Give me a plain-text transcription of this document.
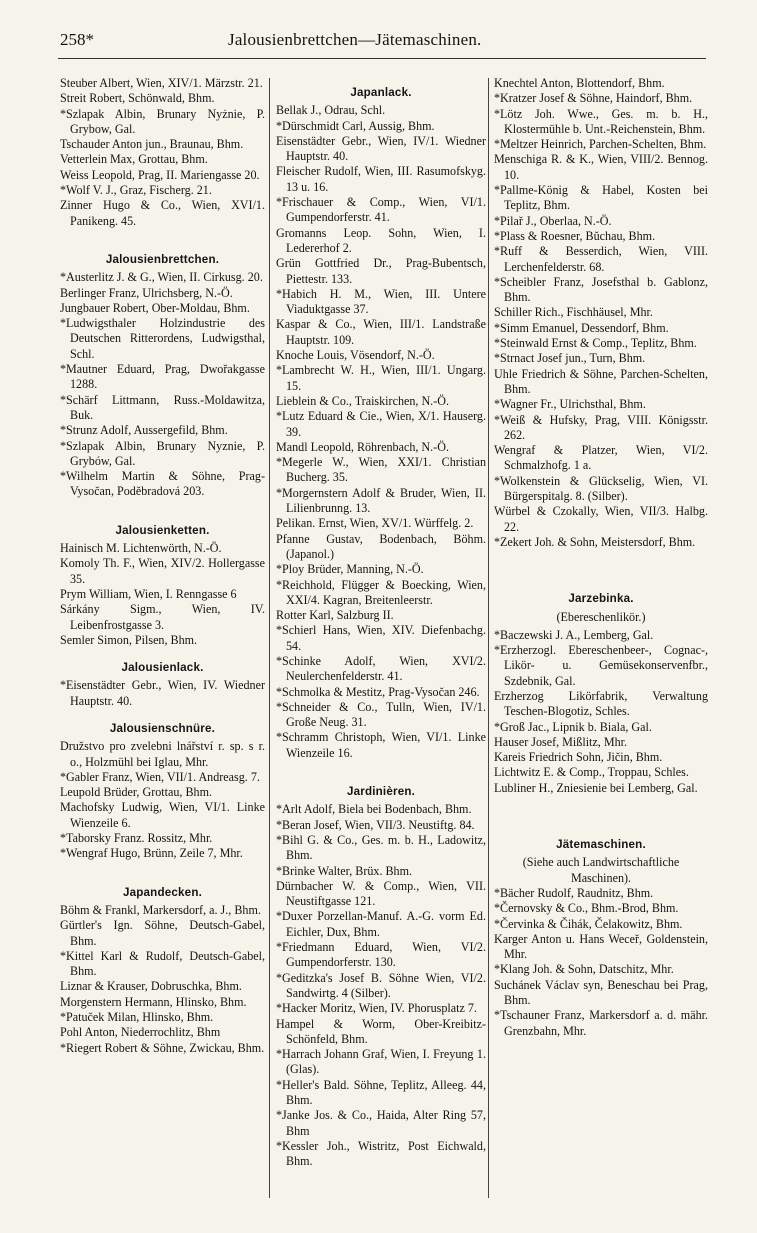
258*	Jalousienbrettchen—Jätemaschinen.
Steuber Albert, Wien, XIV/1. Märzstr. 21.
Streit Robert, Schönwald, Bhm.
*Szlapak Albin, Brunary Nyżnie, P. Grybow, Gal.
Tschauder Anton jun., Braunau, Bhm.
Vetterlein Max, Grottau, Bhm.
Weiss Leopold, Prag, II. Mariengasse 20.
*Wolf V. J., Graz, Fischerg. 21.
Zinner Hugo & Co., Wien, XVI/1. Panikeng. 45.
Jalousienbrettchen.
*Austerlitz J. & G., Wien, II. Cirkusg. 20.
Berlinger Franz, Ulrichsberg, N.-Ö.
Jungbauer Robert, Ober-Moldau, Bhm.
*Ludwigsthaler Holzindustrie des Deutschen Ritterordens, Ludwigsthal, Schl.
*Mautner Eduard, Prag, Dwořakgasse 1288.
*Schärf Littmann, Russ.-Moldawitza, Buk.
*Strunz Adolf, Aussergefild, Bhm.
*Szlapak Albin, Brunary Nyznie, P. Grybów, Gal.
*Wilhelm Martin & Söhne, Prag-Vysočan, Poděbradová 203.
Jalousienketten.
Hainisch M. Lichtenwörth, N.-Ö.
Komoly Th. F., Wien, XIV/2. Hollergasse 35.
Prym William, Wien, I. Renngasse 6
Sárkány Sigm., Wien, IV. Leibenfrostgasse 3.
Semler Simon, Pilsen, Bhm.
Jalousienlack.
*Eisenstädter Gebr., Wien, IV. Wiedner Hauptstr. 40.
Jalousienschnüre.
Družstvo pro zvelebni lnářství r. sp. s r. o., Holzmühl bei Iglau, Mhr.
*Gabler Franz, Wien, VII/1. Andreasg. 7.
Leupold Brüder, Grottau, Bhm.
Machofsky Ludwig, Wien, VI/1. Linke Wienzeile 6.
*Taborsky Franz. Rossitz, Mhr.
*Wengraf Hugo, Brünn, Zeile 7, Mhr.
Japandecken.
Böhm & Frankl, Markersdorf, a. J., Bhm.
Gürtler's Ign. Söhne, Deutsch-Gabel, Bhm.
*Kittel Karl & Rudolf, Deutsch-Gabel, Bhm.
Liznar & Krauser, Dobruschka, Bhm.
Morgenstern Hermann, Hlinsko, Bhm.
*Patuček Milan, Hlinsko, Bhm.
Pohl Anton, Niederrochlitz, Bhm
*Riegert Robert & Söhne, Zwickau, Bhm.
Japanlack.
Bellak J., Odrau, Schl.
*Dürschmidt Carl, Aussig, Bhm.
Eisenstädter Gebr., Wien, IV/1. Wiedner Hauptstr. 40.
Fleischer Rudolf, Wien, III. Rasumofskyg. 13 u. 16.
*Frischauer & Comp., Wien, VI/1. Gumpendorferstr. 41.
Gromanns Leop. Sohn, Wien, I. Ledererhof 2.
Grün Gottfried Dr., Prag-Bubentsch, Piettestr. 133.
*Habich H. M., Wien, III. Untere Viaduktgasse 37.
Kaspar & Co., Wien, III/1. Landstraße Hauptstr. 109.
Knoche Louis, Vösendorf, N.-Ö.
*Lambrecht W. H., Wien, III/1. Ungarg. 15.
Lieblein & Co., Traiskirchen, N.-Ö.
*Lutz Eduard & Cie., Wien, X/1. Hauserg. 39.
Mandl Leopold, Röhrenbach, N.-Ö.
*Megerle W., Wien, XXI/1. Christian Bucherg. 35.
*Morgernstern Adolf & Bruder, Wien, II. Lilienbrunng. 13.
Pelikan. Ernst, Wien, XV/1. Würffelg. 2.
Pfanne Gustav, Bodenbach, Böhm. (Japanol.)
*Ploy Brüder, Manning, N.-Ö.
*Reichhold, Flügger & Boecking, Wien, XXI/4. Kagran, Breitenleerstr.
Rotter Karl, Salzburg II.
*Schierl Hans, Wien, XIV. Diefenbachg. 54.
*Schinke Adolf, Wien, XVI/2. Neulerchenfelderstr. 41.
*Schmolka & Mestitz, Prag-Vysočan 246.
*Schneider & Co., Tulln, Wien, IV/1. Große Neug. 31.
*Schramm Christoph, Wien, VI/1. Linke Wienzeile 16.
Jardinièren.
*Arlt Adolf, Biela bei Bodenbach, Bhm.
*Beran Josef, Wien, VII/3. Neustiftg. 84.
*Bihl G. & Co., Ges. m. b. H., Ladowitz, Bhm.
*Brinke Walter, Brüx. Bhm.
Dürnbacher W. & Comp., Wien, VII. Neustiftgasse 121.
*Duxer Porzellan-Manuf. A.-G. vorm Ed. Eichler, Dux, Bhm.
*Friedmann Eduard, Wien, VI/2. Gumpendorferstr. 130.
*Geditzka's Josef B. Söhne Wien, VI/2. Sandwirtg. 4 (Silber).
*Hacker Moritz, Wien, IV. Phorusplatz 7.
Hampel & Worm, Ober-Kreibitz-Schönfeld, Bhm.
*Harrach Johann Graf, Wien, I. Freyung 1. (Glas).
*Heller's Bald. Söhne, Teplitz, Alleeg. 44, Bhm.
*Janke Jos. & Co., Haida, Alter Ring 57, Bhm
*Kessler Joh., Wistritz, Post Eichwald, Bhm.
Knechtel Anton, Blottendorf, Bhm.
*Kratzer Josef & Söhne, Haindorf, Bhm.
*Lötz Joh. Wwe., Ges. m. b. H., Klostermühle b. Unt.-Reichenstein, Bhm.
*Meltzer Heinrich, Parchen-Schelten, Bhm.
Menschiga R. & K., Wien, VIII/2. Bennog. 10.
*Pallme-König & Habel, Kosten bei Teplitz, Bhm.
*Pilař J., Oberlaa, N.-Ö.
*Plass & Roesner, Bŭchau, Bhm.
*Ruff & Besserdich, Wien, VIII. Lerchenfelderstr. 68.
*Scheibler Franz, Josefsthal b. Gablonz, Bhm.
Schiller Rich., Fischhäusel, Mhr.
*Simm Emanuel, Dessendorf, Bhm.
*Steinwald Ernst & Comp., Teplitz, Bhm.
*Strnact Josef jun., Turn, Bhm.
Uhle Friedrich & Söhne, Parchen-Schelten, Bhm.
*Wagner Fr., Ulrichsthal, Bhm.
*Weiß & Hufsky, Prag, VIII. Königsstr. 262.
Wengraf & Platzer, Wien, VI/2. Schmalzhofg. 1 a.
*Wolkenstein & Glückselig, Wien, VI. Bürgerspitalg. 8. (Silber).
Würbel & Czokally, Wien, VII/3. Halbg. 22.
*Zekert Joh. & Sohn, Meistersdorf, Bhm.
Jarzebinka.
(Ebereschenlikör.)
*Baczewski J. A., Lemberg, Gal.
*Erzherzogl. Ebereschenbeer-, Cognac-, Likör- u. Gemüsekonservenfbr., Szdebnik, Gal.
Erzherzog Likörfabrik, Verwaltung Teschen-Blogotiz, Schles.
*Groß Jac., Lipnik b. Biala, Gal.
Hauser Josef, Mißlitz, Mhr.
Kareis Friedrich Sohn, Jičin, Bhm.
Lichtwitz E. & Comp., Troppau, Schles.
Lubliner H., Zniesienie bei Lemberg, Gal.
Jätemaschinen.
(Siehe auch Landwirtschaftliche Maschinen).
*Bächer Rudolf, Raudnitz, Bhm.
*Černovsky & Co., Bhm.-Brod, Bhm.
*Červinka & Čihák, Čelakowitz, Bhm.
Karger Anton u. Hans Weceř, Goldenstein, Mhr.
*Klang Joh. & Sohn, Datschitz, Mhr.
Suchánek Václav syn, Beneschau bei Prag, Bhm.
*Tschauner Franz, Markersdorf a. d. mähr. Grenzbahn, Mhr.
